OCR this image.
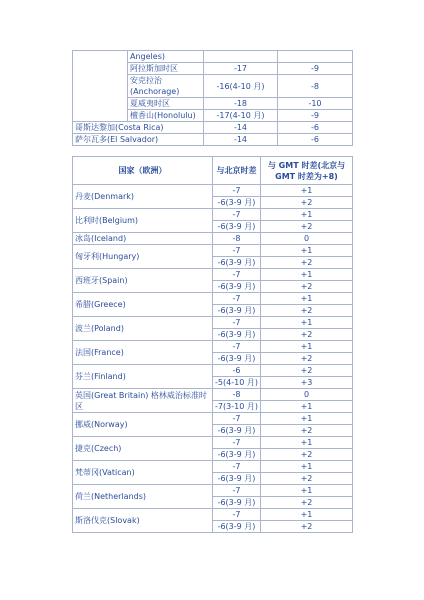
	Angeles)		
	阿拉斯加时区	-17	-9
	安克拉治(Anchorage)	-16(4-10 月)	-8
	夏威夷时区	-18	-10
	檀香山(Honolulu)	-17(4-10 月)	-9
哥斯达黎加(Costa Rica)		-14	-6
萨尔瓦多(El Salvador)		-14	-6
国家（欧洲）	与北京时差	与 GMT 时差(北京与 GMT 时差为+8)
丹麦(Denmark)	-7	+1
	-6(3-9 月)	+2
比利时(Belgium)	-7	+1
	-6(3-9 月)	+2
冰岛(Iceland)	-8	0
匈牙利(Hungary)	-7	+1
	-6(3-9 月)	+2
西班牙(Spain)	-7	+1
	-6(3-9 月)	+2
希腊(Greece)	-7	+1
	-6(3-9 月)	+2
波兰(Poland)	-7	+1
	-6(3-9 月)	+2
法国(France)	-7	+1
	-6(3-9 月)	+2
芬兰(Finland)	-6	+2
	-5(4-10 月)	+3
英国(Great Britain) 格林威治标准时区	-8	0
	-7(3-10 月)	+1
挪威(Norway)	-7	+1
	-6(3-9 月)	+2
捷克(Czech)	-7	+1
	-6(3-9 月)	+2
梵蒂冈(Vatican)	-7	+1
	-6(3-9 月)	+2
荷兰(Netherlands)	-7	+1
	-6(3-9 月)	+2
斯洛伐克(Slovak)	-7	+1
	-6(3-9 月)	+2
